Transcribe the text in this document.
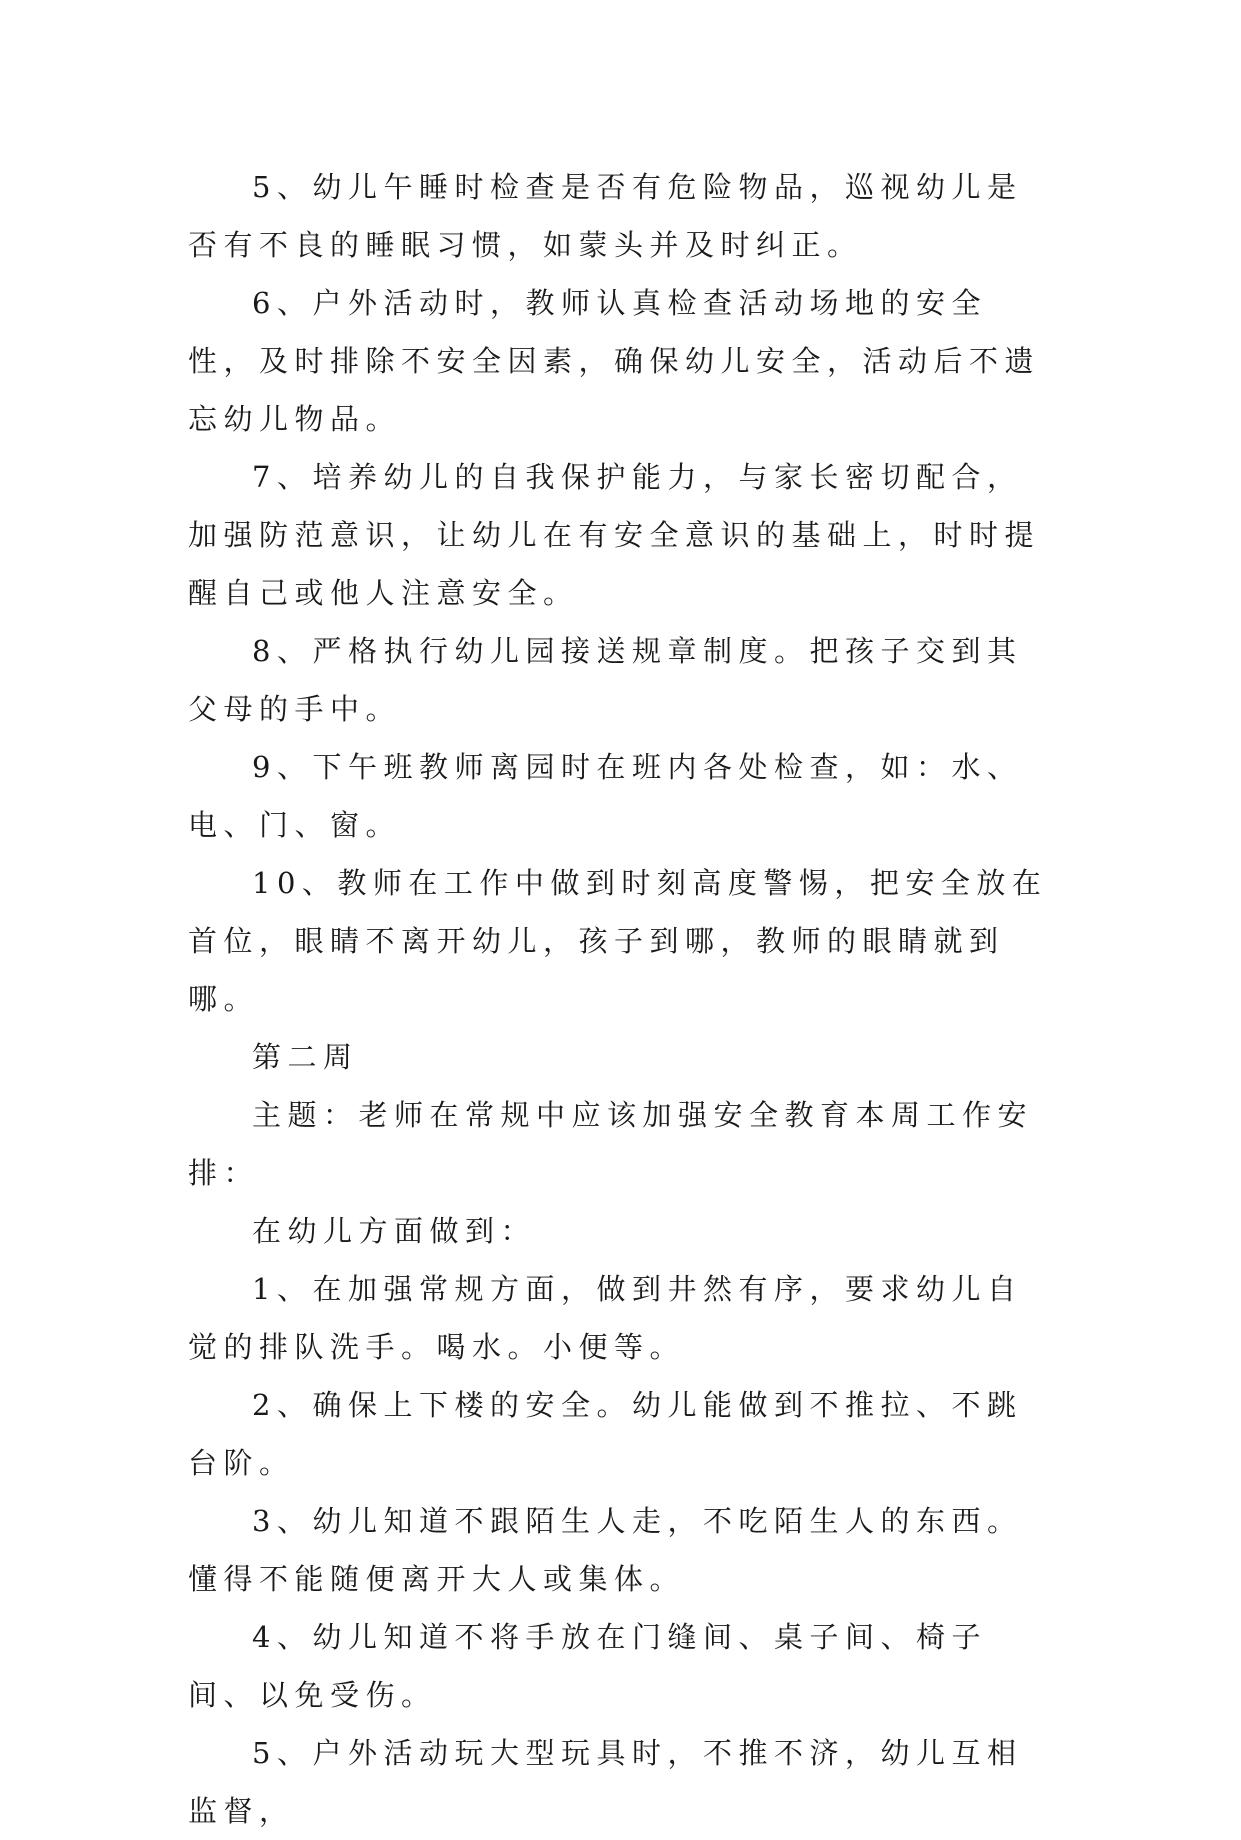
5、幼儿午睡时检查是否有危险物品，巡视幼儿是否有不良的睡眠习惯，如蒙头并及时纠正。

6、户外活动时，教师认真检查活动场地的安全性，及时排除不安全因素，确保幼儿安全，活动后不遗忘幼儿物品。

7、培养幼儿的自我保护能力，与家长密切配合，加强防范意识，让幼儿在有安全意识的基础上，时时提醒自己或他人注意安全。

8、严格执行幼儿园接送规章制度。把孩子交到其父母的手中。

9、下午班教师离园时在班内各处检查，如：水、电、门、窗。

10、教师在工作中做到时刻高度警惕，把安全放在首位，眼睛不离开幼儿，孩子到哪，教师的眼睛就到哪。

第二周

主题：老师在常规中应该加强安全教育本周工作安排：

在幼儿方面做到：

1、在加强常规方面，做到井然有序，要求幼儿自觉的排队洗手。喝水。小便等。

2、确保上下楼的安全。幼儿能做到不推拉、不跳台阶。

3、幼儿知道不跟陌生人走，不吃陌生人的东西。懂得不能随便离开大人或集体。

4、幼儿知道不将手放在门缝间、桌子间、椅子间、以免受伤。

5、户外活动玩大型玩具时，不推不济，幼儿互相监督，
